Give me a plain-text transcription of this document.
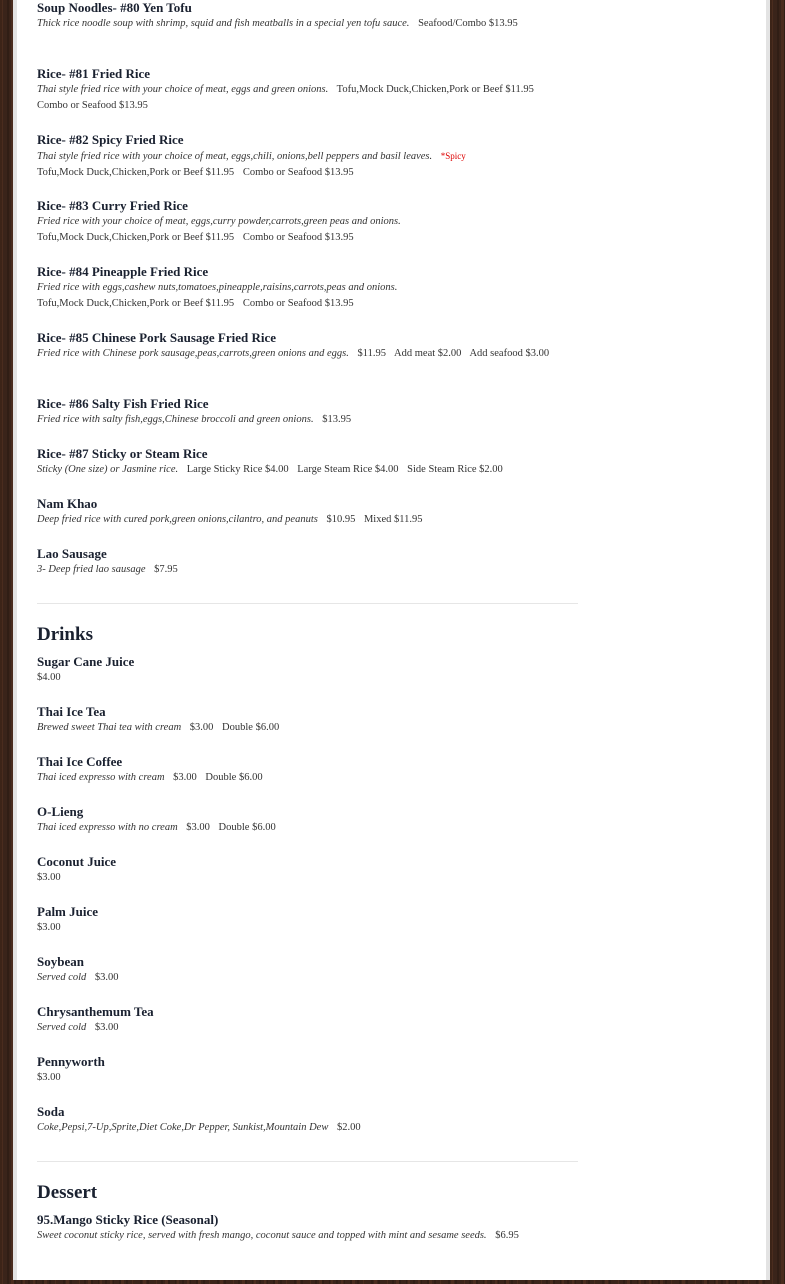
Drinks
Dessert
Soup Noodles- #80 Yen Tofu
Thick rice noodle soup with shrimp, squid and fish meatballs in a special yen tofu sauce. Seafood/Combo $13.95
Rice- #81 Fried Rice
Thai style fried rice with your choice of meat, eggs and green onions. Tofu,Mock Duck,Chicken,Pork or Beef $11.95 Combo or Seafood $13.95
Rice- #82 Spicy Fried Rice
Thai style fried rice with your choice of meat, eggs,chili, onions,bell peppers and basil leaves. *Spicy Tofu,Mock Duck,Chicken,Pork or Beef $11.95 Combo or Seafood $13.95
Rice- #83 Curry Fried Rice
Fried rice with your choice of meat, eggs,curry powder,carrots,green peas and onions. Tofu,Mock Duck,Chicken,Pork or Beef $11.95 Combo or Seafood $13.95
Rice- #84 Pineapple Fried Rice
Fried rice with eggs,cashew nuts,tomatoes,pineapple,raisins,carrots,peas and onions. Tofu,Mock Duck,Chicken,Pork or Beef $11.95 Combo or Seafood $13.95
Rice- #85 Chinese Pork Sausage Fried Rice
Fried rice with Chinese pork sausage,peas,carrots,green onions and eggs. $11.95 Add meat $2.00 Add seafood $3.00
Rice- #86 Salty Fish Fried Rice
Fried rice with salty fish,eggs,Chinese broccoli and green onions. $13.95
Rice- #87 Sticky or Steam Rice
Sticky (One size) or Jasmine rice. Large Sticky Rice $4.00 Large Steam Rice $4.00 Side Steam Rice $2.00
Nam Khao
Deep fried rice with cured pork,green onions,cilantro, and peanuts $10.95 Mixed $11.95
Lao Sausage
3- Deep fried lao sausage $7.95
Sugar Cane Juice
$4.00
Thai Ice Tea
Brewed sweet Thai tea with cream $3.00 Double $6.00
Thai Ice Coffee
Thai iced expresso with cream $3.00 Double $6.00
O-Lieng
Thai iced expresso with no cream $3.00 Double $6.00
Coconut Juice
$3.00
Palm Juice
$3.00
Soybean
Served cold $3.00
Chrysanthemum Tea
Served cold $3.00
Pennyworth
$3.00
Soda
Coke,Pepsi,7-Up,Sprite,Diet Coke,Dr Pepper, Sunkist,Mountain Dew $2.00
95.Mango Sticky Rice (Seasonal)
Sweet coconut sticky rice, served with fresh mango, coconut sauce and topped with mint and sesame seeds. $6.95
